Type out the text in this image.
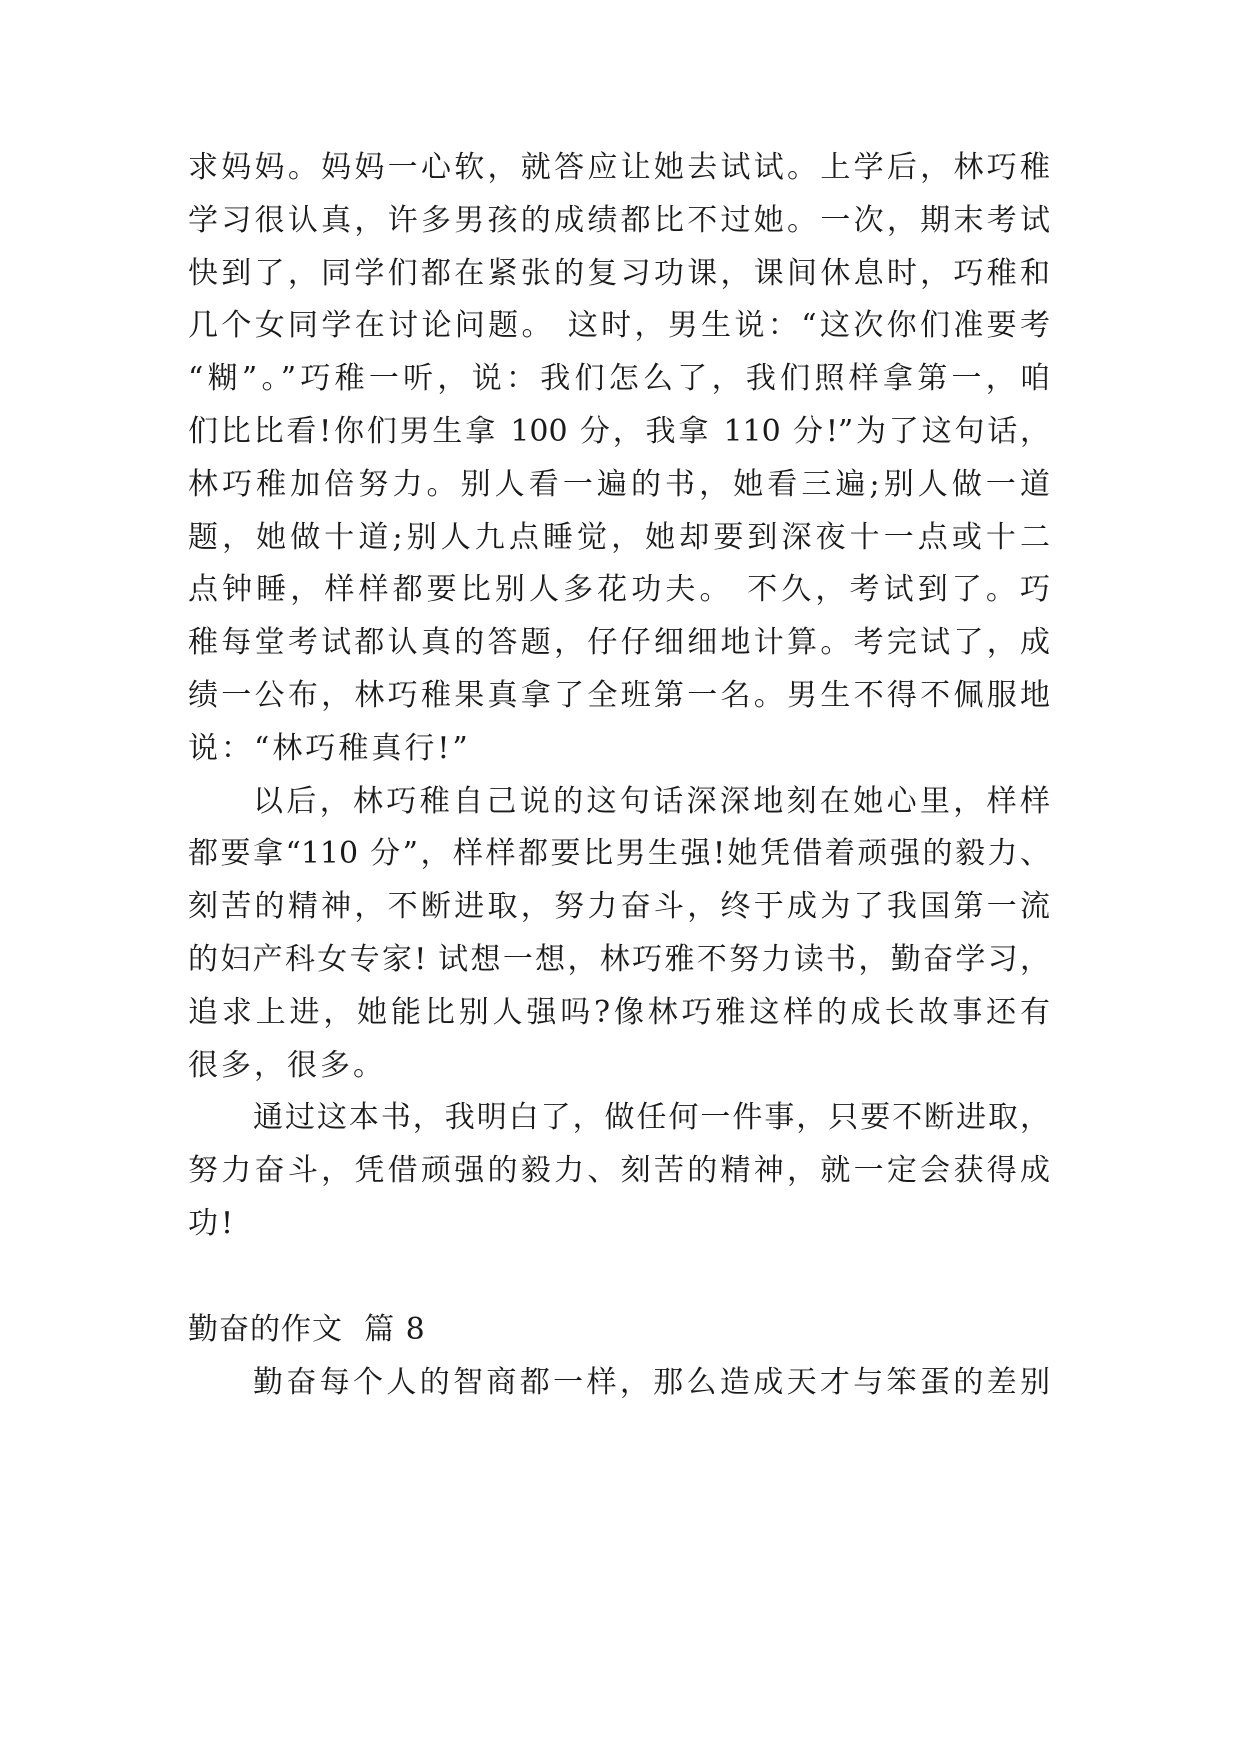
求妈妈。妈妈一心软，就答应让她去试试。上学后，林巧稚
学习很认真，许多男孩的成绩都比不过她。一次，期末考试
快到了，同学们都在紧张的复习功课，课间休息时，巧稚和
几个女同学在讨论问题。 这时，男生说：“这次你们准要考
“糊”。”巧稚一听，说：我们怎么了，我们照样拿第一，咱
们比比看!你们男生拿 100 分，我拿 110 分!”为了这句话，
林巧稚加倍努力。别人看一遍的书，她看三遍;别人做一道
题，她做十道;别人九点睡觉，她却要到深夜十一点或十二
点钟睡，样样都要比别人多花功夫。 不久，考试到了。巧
稚每堂考试都认真的答题，仔仔细细地计算。考完试了，成
绩一公布，林巧稚果真拿了全班第一名。男生不得不佩服地
说：“林巧稚真行!”
以后，林巧稚自己说的这句话深深地刻在她心里，样样
都要拿“110 分”，样样都要比男生强!她凭借着顽强的毅力、
刻苦的精神，不断进取，努力奋斗，终于成为了我国第一流
的妇产科女专家! 试想一想，林巧雅不努力读书，勤奋学习，
追求上进，她能比别人强吗?像林巧雅这样的成长故事还有
很多，很多。
通过这本书，我明白了，做任何一件事，只要不断进取，
努力奋斗，凭借顽强的毅力、刻苦的精神，就一定会获得成
功!
勤奋的作文  篇 8
勤奋每个人的智商都一样，那么造成天才与笨蛋的差别
